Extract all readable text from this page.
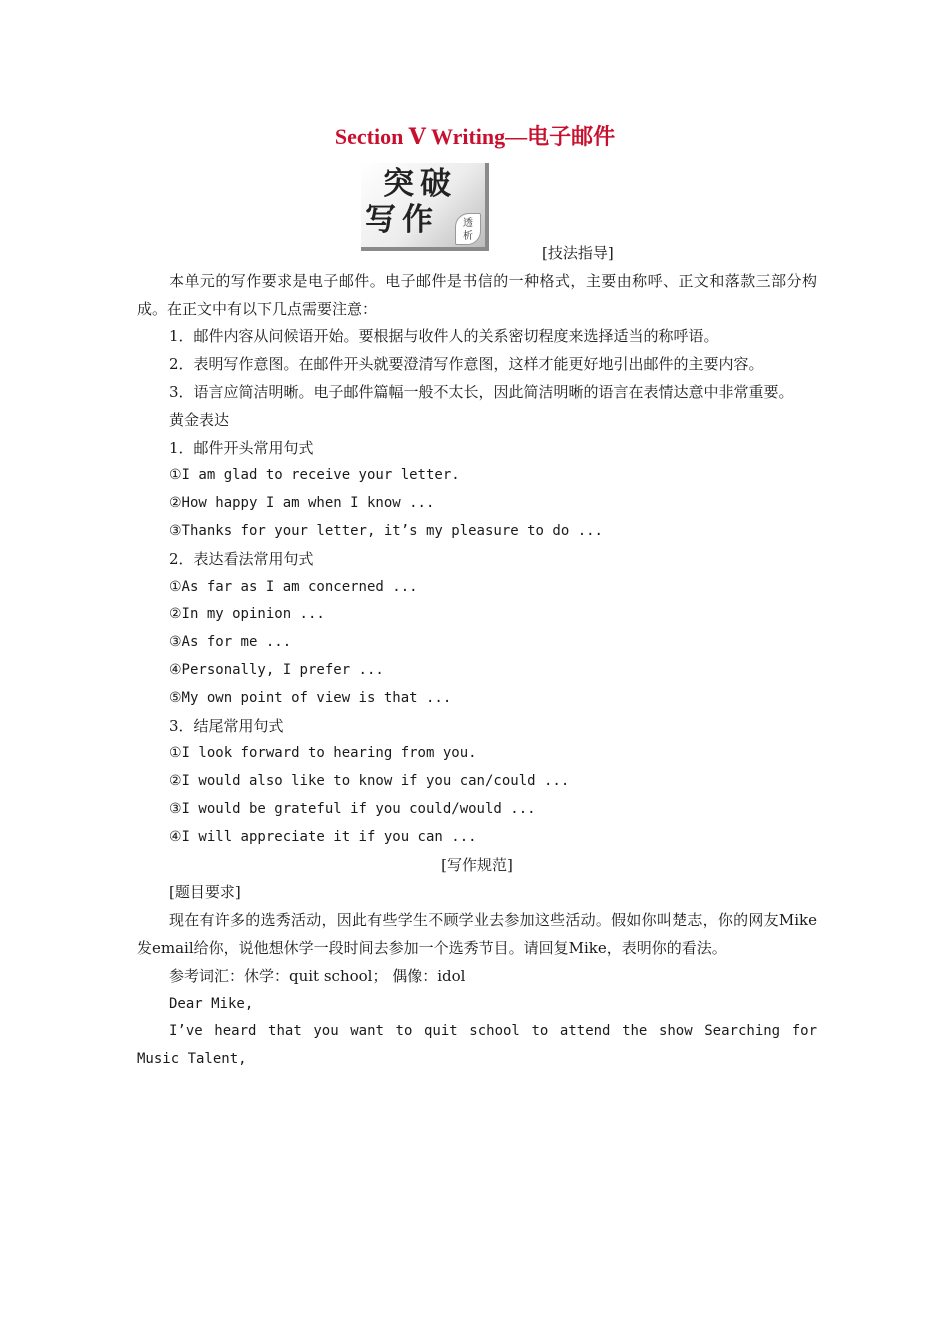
Section Ⅴ Writing—电子邮件
突破
写作	透
析

[技法指导]

本单元的写作要求是电子邮件。电子邮件是书信的一种格式，主要由称呼、正文和落款三部分构成。在正文中有以下几点需要注意：

1．邮件内容从问候语开始。要根据与收件人的关系密切程度来选择适当的称呼语。

2．表明写作意图。在邮件开头就要澄清写作意图，这样才能更好地引出邮件的主要内容。

3．语言应简洁明晰。电子邮件篇幅一般不太长，因此简洁明晰的语言在表情达意中非常重要。

黄金表达

1．邮件开头常用句式

①I am glad to receive your letter.

②How happy I am when I know ...

③Thanks for your letter, it’s my pleasure to do ...

2．表达看法常用句式

①As far as I am concerned ...

②In my opinion ...

③As for me ...

④Personally, I prefer ...

⑤My own point of view is that ...

3．结尾常用句式

①I look forward to hearing from you.

②I would also like to know if you can/could ...

③I would be grateful if you could/would ...

④I will appreciate it if you can ...

[写作规范]

[题目要求]

现在有许多的选秀活动，因此有些学生不顾学业去参加这些活动。假如你叫楚志，你的网友Mike发email给你，说他想休学一段时间去参加一个选秀节目。请回复Mike，表明你的看法。

参考词汇：休学：quit school； 偶像：idol

Dear Mike,

I’ve heard that you want to quit school to attend the show Searching for Music Talent,
